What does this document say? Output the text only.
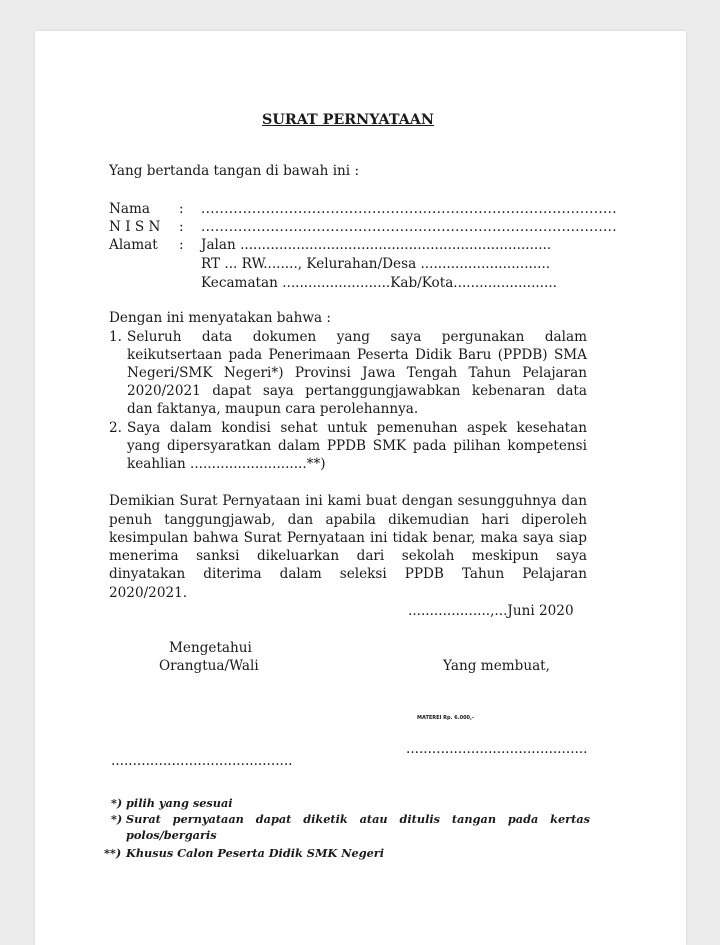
SURAT PERNYATAAN
Yang bertanda tangan di bawah ini :
Nama : ..........................................................................................
N I S N : ..........................................................................................
Alamat : Jalan ........................................................................
RT ... RW........, Kelurahan/Desa ..............................
Kecamatan .........................Kab/Kota........................
Dengan ini menyatakan bahwa :
1. Seluruh data dokumen yang saya pergunakan dalam
keikutsertaan pada Penerimaan Peserta Didik Baru (PPDB) SMA
Negeri/SMK Negeri*) Provinsi Jawa Tengah Tahun Pelajaran
2020/2021 dapat saya pertanggungjawabkan kebenaran data
dan faktanya, maupun cara perolehannya.
2. Saya dalam kondisi sehat untuk pemenuhan aspek kesehatan
yang dipersyaratkan dalam PPDB SMK pada pilihan kompetensi
keahlian ...........................**)
Demikian Surat Pernyataan ini kami buat dengan sesungguhnya dan
penuh tanggungjawab, dan apabila dikemudian hari diperoleh
kesimpulan bahwa Surat Pernyataan ini tidak benar, maka saya siap
menerima sanksi dikeluarkan dari sekolah meskipun saya
dinyatakan diterima dalam seleksi PPDB Tahun Pelajaran
2020/2021.
...................,...Juni 2020
Mengetahui
Orangtua/Wali	Yang membuat,
MATEREI Rp. 6.000,-
..........................................
..........................................
*) pilih yang sesuai
*) Surat pernyataan dapat diketik atau ditulis tangan pada kertas
polos/bergaris
**) Khusus Calon Peserta Didik SMK Negeri
